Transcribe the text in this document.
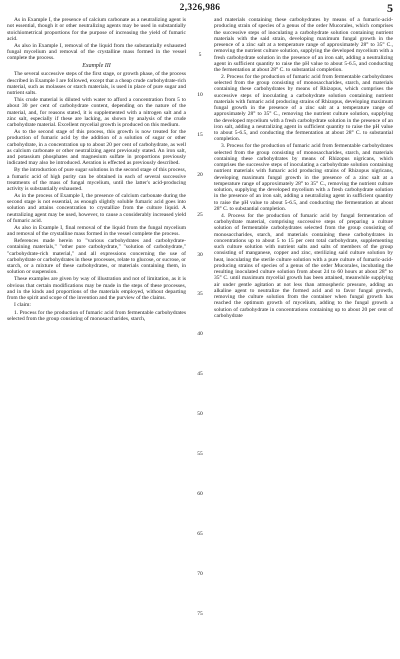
2,326,986	5

As in Example I, the presence of calcium carbonate as a neutralizing agent is not essential, though it or other neutralizing agents may be used in substantially stoichiometrical proportions for the purpose of increasing the yield of fumaric acid.

As also in Example I, removal of the liquid from the substantially exhausted fungal mycelium and removal of the crystalline mass formed in the vessel complete the process.

Example III

The several successive steps of the first stage, or growth phase, of the process described in Example I are followed, except that a cheap crude carbohydrate-rich material, such as molasses or starch materials, is used in place of pure sugar and nutrient salts.

This crude material is diluted with water to afford a concentration from 5 to about 30 per cent of carbohydrate content, depending on the nature of the material, and, for reasons stated, it is supplemented with a nitrogen salt and a zinc salt, especially if these are lacking, as shown by analysis of the crude carbohydrate material. Excellent mycelial growth is produced on this medium.

As to the second stage of this process, this growth is now treated for the production of fumaric acid by the addition of a solution of sugar or other carbohydrate, in a concentration up to about 20 per cent of carbohydrate, as well as calcium carbonate or other neutralizing agent previously stated. An iron salt, and potassium phosphates and magnesium sulfate in proportions previously indicated may also be introduced. Aeration is effected as previously described.

By the introduction of pure sugar solutions in the second stage of this process, a fumaric acid of high purity can be obtained in each of several successive treatments of the mass of fungal mycelium, until the latter's acid-producing activity is substantially exhausted.

As in the process of Example I, the presence of calcium carbonate during the second stage is not essential, as enough slightly soluble fumaric acid goes into solution and attains concentration to crystallize from the culture liquid. A neutralizing agent may be used, however, to cause a considerably increased yield of fumaric acid.

As also in Example I, final removal of the liquid from the fungal mycelium and removal of the crystalline mass formed in the vessel complete the process.

References made herein to "various carbohydrates and carbohydrate-containing materials," "other pure carbohydrate," "solution of carbohydrate," "carbohydrate-rich material," and all expressions concerning the use of carbohydrate or carbohydrates in these processes, relate to glucose, or sucrose, or starch, or a mixture of these carbohydrates, or materials containing them, in solution or suspension.

These examples are given by way of illustration and not of limitation, as it is obvious that certain modifications may be made in the steps of these processes, and in the kinds and proportions of the materials employed, without departing from the spirit and scope of the invention and the purview of the claims.

I claim:

1. Process for the production of fumaric acid from fermentable carbohydrates selected from the group consisting of monosaccharides, starch,

5
10
15
20
25
30
35
40
45
50
55
60
65
70
75

and materials containing these carbohydrates by means of a fumaric-acid-producing strain of species of a genus of the order Mucorales, which comprises the successive steps of inoculating a carbohydrate solution containing nutrient materials with the said strain, developing maximum fungal growth in the presence of a zinc salt at a temperature range of approximately 28° to 35° C., removing the nutrient culture solution, supplying the developed mycelium with a fresh carbohydrate solution in the presence of an iron salt, adding a neutralizing agent in sufficient quantity to raise the pH value to about 5-6.5, and conducting the fermentation at about 28° C. to substantial completion.

2. Process for the production of fumaric acid from fermentable carbohydrates selected from the group consisting of monosaccharides, starch, and materials containing these carbohydrates by means of Rhizopus, which comprises the successive steps of inoculating a carbohydrate solution containing nutrient materials with fumaric acid producing strains of Rhizopus, developing maximum fungal growth in the presence of a zinc salt at a temperature range of approximately 28° to 35° C., removing the nutrient culture solution, supplying the developed mycelium with a fresh carbohydrate solution in the presence of an iron salt, adding a neutralizing agent in sufficient quantity to raise the pH value to about 5-6.5, and conducting the fermentation at about 28° C. to substantial completion.

3. Process for the production of fumaric acid from fermentable carbohydrates selected from the group consisting of monosaccharides, starch, and materials containing these carbohydrates by means of Rhizopus nigricans, which comprises the successive steps of inoculating a carbohydrate solution containing nutrient materials with fumaric acid producing strains of Rhizopus nigricans, developing maximum fungal growth in the presence of a zinc salt at a temperature range of approximately 28° to 35° C., removing the nutrient culture solution, supplying the developed mycelium with a fresh carbohydrate solution in the presence of an iron salt, adding a neutralizing agent in sufficient quantity to raise the pH value to about 5-6.5, and conducting the fermentation at about 28° C. to substantial completion.

4. Process for the production of fumaric acid by fungal fermentation of carbohydrate material, comprising successive steps of preparing a culture solution of fermentable carbohydrates selected from the group consisting of monosaccharides, starch, and materials containing these carbohydrates in concentrations up to about 5 to 15 per cent total carbohydrate, supplementing such culture solution with nutrient salts and salts of members of the group consisting of manganese, copper and zinc, sterilizing said culture solution by heat, inoculating the sterile culture solution with a pure culture of fumaric-acid-producing strains of species of a genus of the order Mucorales, incubating the resulting inoculated culture solution from about 24 to 60 hours at about 28° to 35° C. until maximum mycelial growth has been attained, meanwhile supplying air under gentle agitation at not less than atmospheric pressure, adding an alkaline agent to neutralize the formed acid and to favor fungal growth, removing the culture solution from the container when fungal growth has reached the optimum growth of mycelium, adding to the fungal growth a solution of carbohydrate in concentrations containing up to about 20 per cent of carbohydrate
